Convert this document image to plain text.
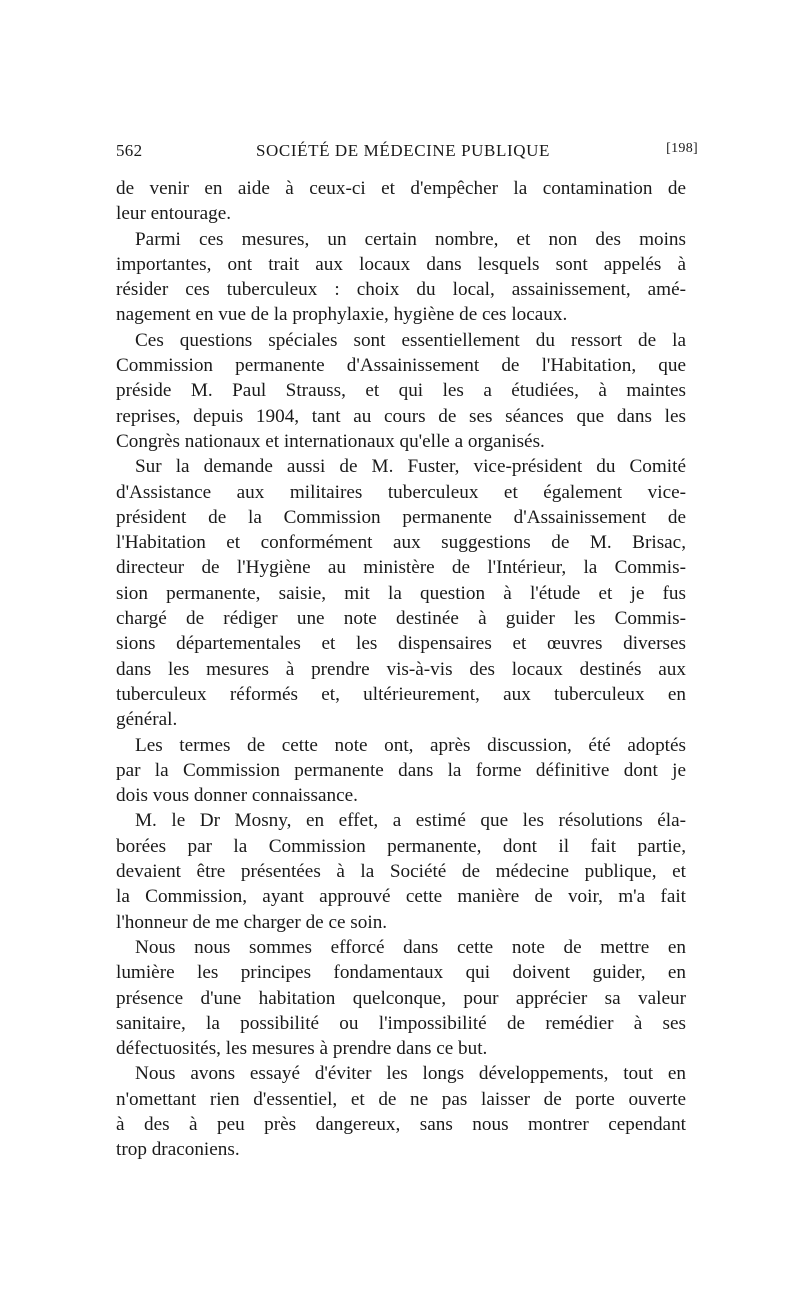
562	SOCIÉTÉ DE MÉDECINE PUBLIQUE	[198]
de venir en aide à ceux-ci et d'empêcher la contamination de
leur entourage.
Parmi ces mesures, un certain nombre, et non des moins
importantes, ont trait aux locaux dans lesquels sont appelés à
résider ces tuberculeux : choix du local, assainissement, amé-
nagement en vue de la prophylaxie, hygiène de ces locaux.
Ces questions spéciales sont essentiellement du ressort de la
Commission permanente d'Assainissement de l'Habitation, que
préside M. Paul Strauss, et qui les a étudiées, à maintes
reprises, depuis 1904, tant au cours de ses séances que dans les
Congrès nationaux et internationaux qu'elle a organisés.
Sur la demande aussi de M. Fuster, vice-président du Comité
d'Assistance aux militaires tuberculeux et également vice-
président de la Commission permanente d'Assainissement de
l'Habitation et conformément aux suggestions de M. Brisac,
directeur de l'Hygiène au ministère de l'Intérieur, la Commis-
sion permanente, saisie, mit la question à l'étude et je fus
chargé de rédiger une note destinée à guider les Commis-
sions départementales et les dispensaires et œuvres diverses
dans les mesures à prendre vis-à-vis des locaux destinés aux
tuberculeux réformés et, ultérieurement, aux tuberculeux en
général.
Les termes de cette note ont, après discussion, été adoptés
par la Commission permanente dans la forme définitive dont je
dois vous donner connaissance.
M. le Dr Mosny, en effet, a estimé que les résolutions éla-
borées par la Commission permanente, dont il fait partie,
devaient être présentées à la Société de médecine publique, et
la Commission, ayant approuvé cette manière de voir, m'a fait
l'honneur de me charger de ce soin.
Nous nous sommes efforcé dans cette note de mettre en
lumière les principes fondamentaux qui doivent guider, en
présence d'une habitation quelconque, pour apprécier sa valeur
sanitaire, la possibilité ou l'impossibilité de remédier à ses
défectuosités, les mesures à prendre dans ce but.
Nous avons essayé d'éviter les longs développements, tout en
n'omettant rien d'essentiel, et de ne pas laisser de porte ouverte
à des à peu près dangereux, sans nous montrer cependant
trop draconiens.
